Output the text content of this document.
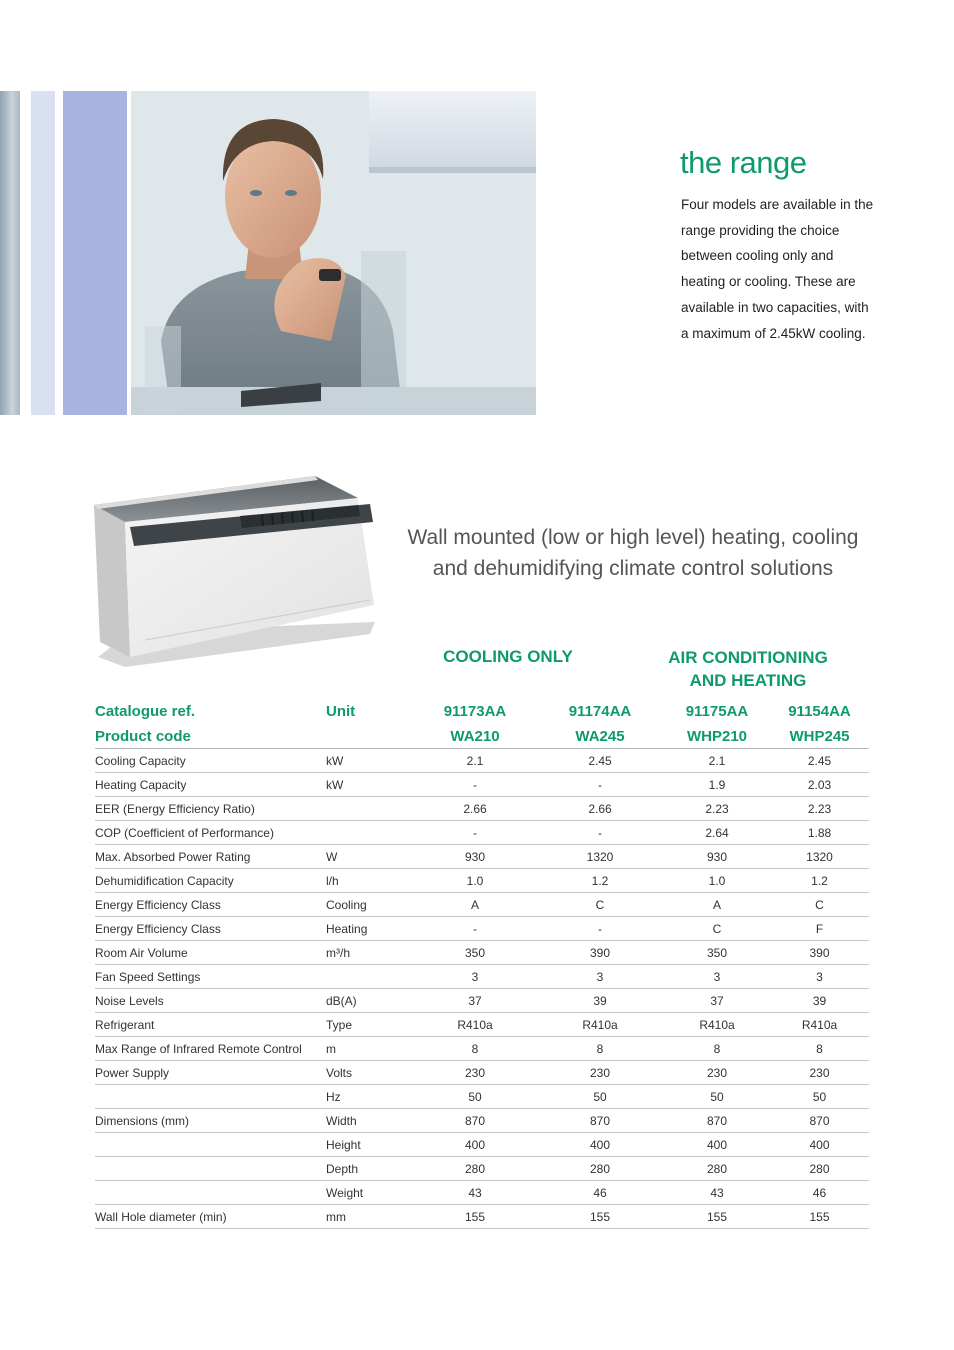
the range
Four models are available in the range providing the choice between cooling only and heating or cooling. These are available in two capacities, with a maximum of 2.45kW cooling.
Wall mounted (low or high level) heating, cooling and dehumidifying climate control solutions
COOLING ONLY	AIR CONDITIONING
AND HEATING
Catalogue ref.	Unit	91173AA	91174AA	91175AA	91154AA
Product code		WA210	WA245	WHP210	WHP245
Cooling Capacity	kW	2.1	2.45	2.1	2.45
Heating Capacity	kW	-	-	1.9	2.03
EER (Energy Efficiency Ratio)		2.66	2.66	2.23	2.23
COP (Coefficient of Performance)		-	-	2.64	1.88
Max. Absorbed Power Rating	W	930	1320	930	1320
Dehumidification Capacity	l/h	1.0	1.2	1.0	1.2
Energy Efficiency Class	Cooling	A	C	A	C
Energy Efficiency Class	Heating	-	-	C	F
Room Air Volume	m³/h	350	390	350	390
Fan Speed Settings		3	3	3	3
Noise Levels	dB(A)	37	39	37	39
Refrigerant	Type	R410a	R410a	R410a	R410a
Max Range of Infrared Remote Control	m	8	8	8	8
Power Supply	Volts	230	230	230	230
	Hz	50	50	50	50
Dimensions (mm)	Width	870	870	870	870
	Height	400	400	400	400
	Depth	280	280	280	280
	Weight	43	46	43	46
Wall Hole diameter (min)	mm	155	155	155	155
